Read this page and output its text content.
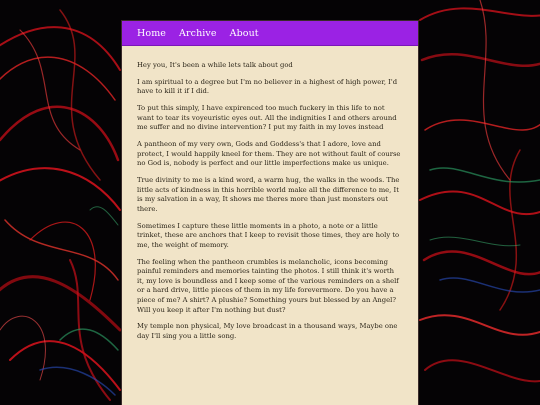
Home Archive About

Hey you, It's been a while lets talk about god

I am spiritual to a degree but I'm no believer in a highest of high power, I'd have to kill it if I did.

To put this simply, I have expirenced too much fuckery in this life to not want to tear its voyeuristic eyes out. All the indignities I and others around me suffer and no divine intervention? I put my faith in my loves instead

A pantheon of my very own, Gods and Goddess's that I adore, love and protect, I would happily kneel for them. They are not without fault of course no God is, nobody is perfect and our little imperfections make us unique.

True divinity to me is a kind word, a warm hug, the walks in the woods. The little acts of kindness in this horrible world make all the difference to me, It is my salvation in a way, It shows me theres more than just monsters out there.

Sometimes I capture these little moments in a photo, a note or a little trinket, these are anchors that I keep to revisit those times, they are holy to me, the weight of memory.

The feeling when the pantheon crumbles is melancholic, icons becoming painful reminders and memories tainting the photos. I still think it's worth it, my love is boundless and I keep some of the various reminders on a shelf or a hard drive, little pieces of them in my life forevermore. Do you have a piece of me? A shirt? A plushie? Something yours but blessed by an Angel? Will you keep it after I'm nothing but dust?

My temple non physical, My love broadcast in a thousand ways, Maybe one day I'll sing you a little song.
